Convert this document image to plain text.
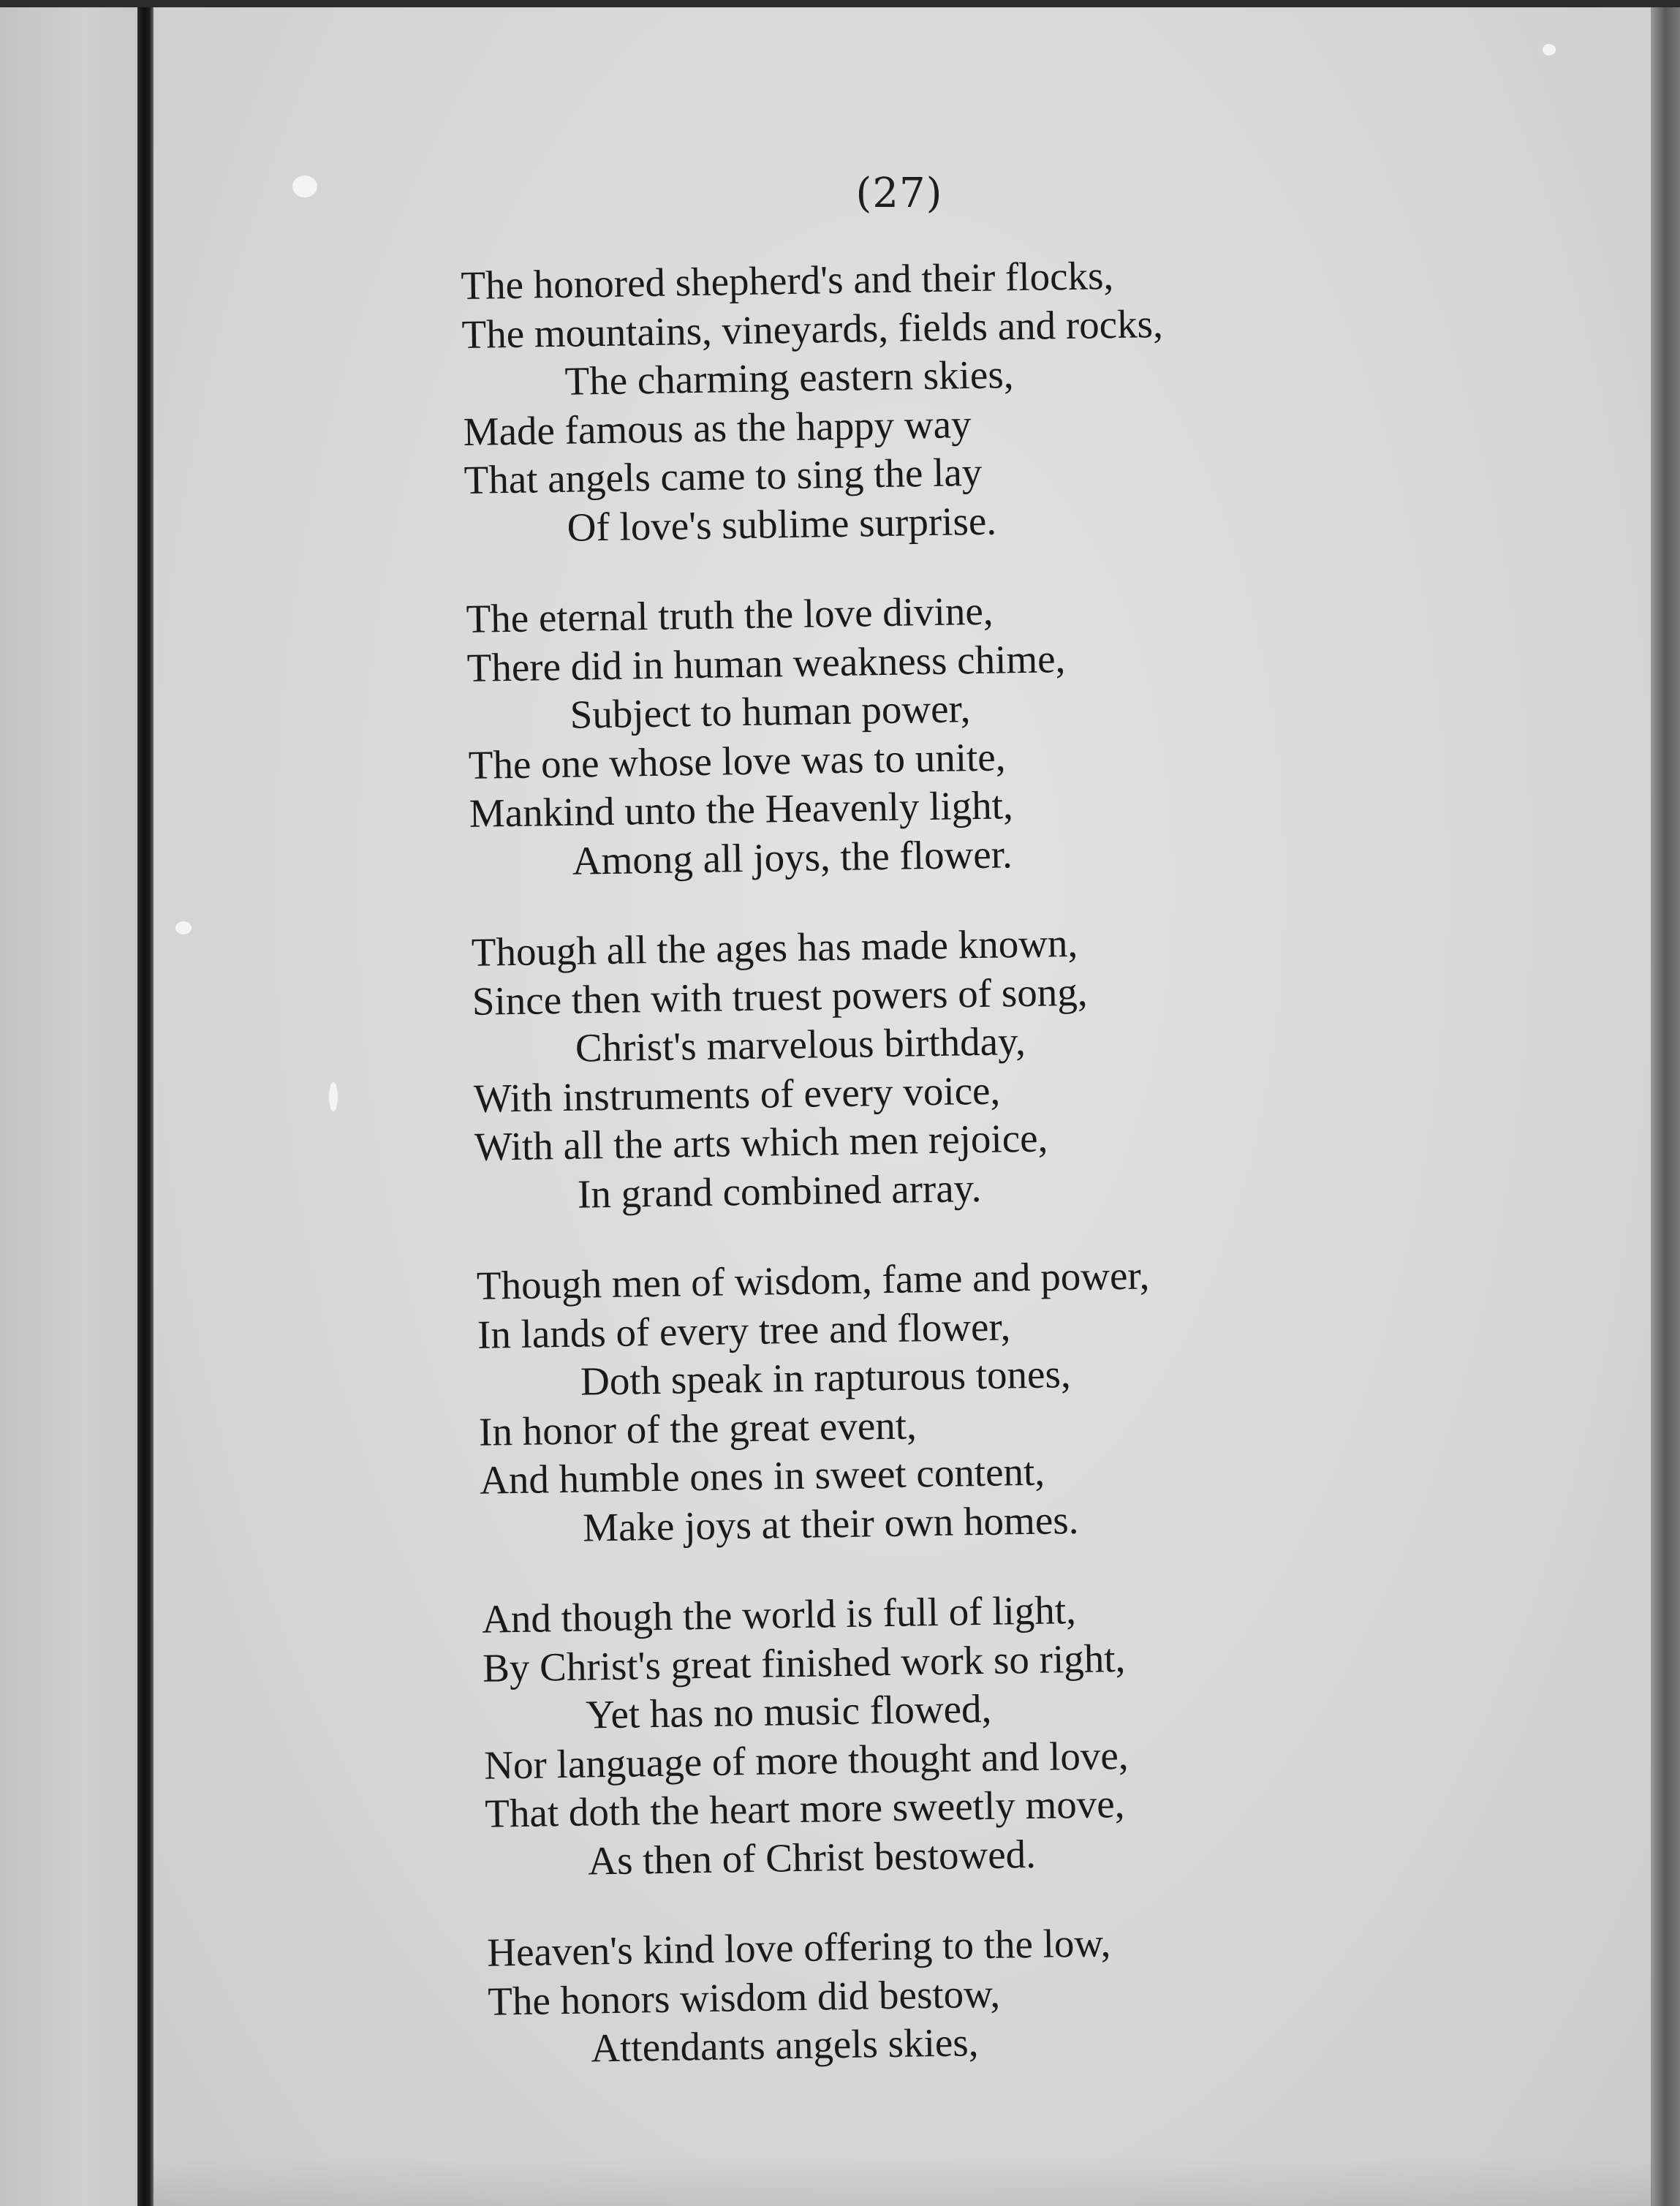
(27)
The honored shepherd's and their flocks,
The mountains, vineyards, fields and rocks,
The charming eastern skies,
Made famous as the happy way
That angels came to sing the lay
Of love's sublime surprise.
The eternal truth the love divine,
There did in human weakness chime,
Subject to human power,
The one whose love was to unite,
Mankind unto the Heavenly light,
Among all joys, the flower.
Though all the ages has made known,
Since then with truest powers of song,
Christ's marvelous birthday,
With instruments of every voice,
With all the arts which men rejoice,
In grand combined array.
Though men of wisdom, fame and power,
In lands of every tree and flower,
Doth speak in rapturous tones,
In honor of the great event,
And humble ones in sweet content,
Make joys at their own homes.
And though the world is full of light,
By Christ's great finished work so right,
Yet has no music flowed,
Nor language of more thought and love,
That doth the heart more sweetly move,
As then of Christ bestowed.
Heaven's kind love offering to the low,
The honors wisdom did bestow,
Attendants angels skies,
